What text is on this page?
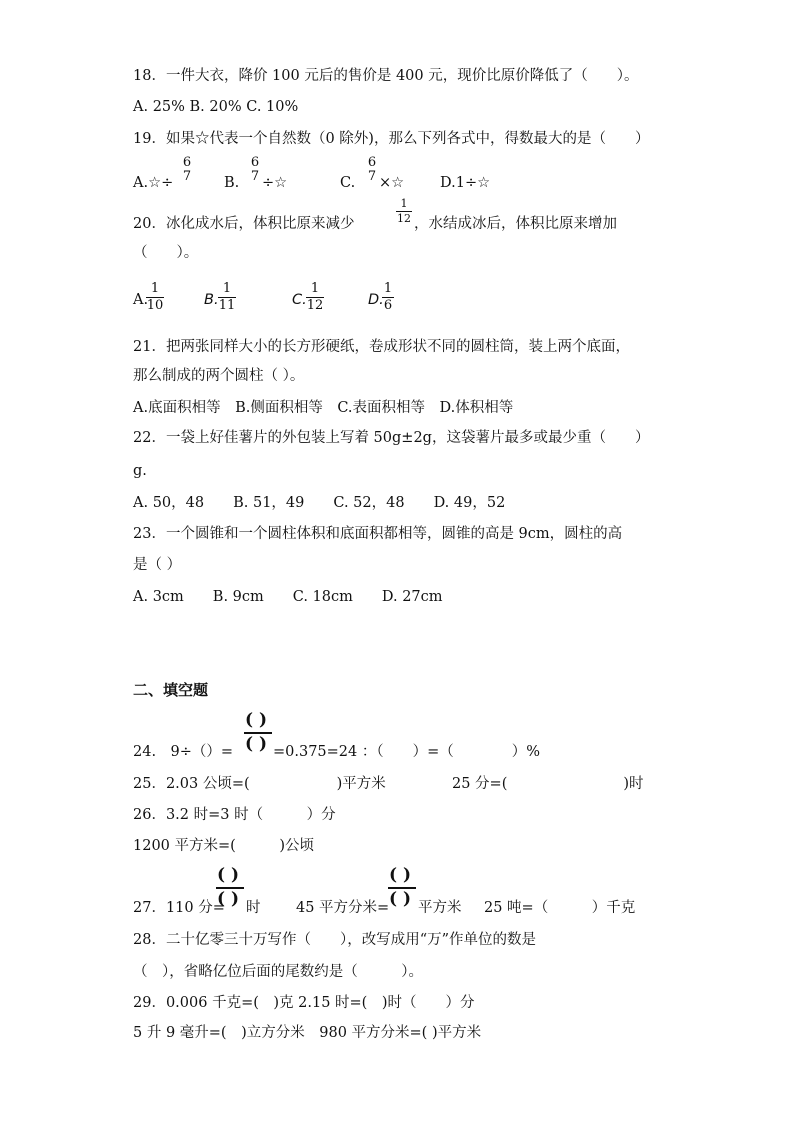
18．一件大衣，降价 100 元后的售价是 400 元，现价比原价降低了（　　）。
A. 25% B. 20% C. 10%
19．如果☆代表一个自然数（0 除外)，那么下列各式中，得数最大的是（　　）
A.☆÷
6
7 B.
6
7 ÷☆	C.
6
7 ×☆ D.1÷☆
20．冰化成水后，体积比原来减少
1
12 ，水结成冰后，体积比原来增加
（　　）。
A.
1
10	B.
1
11	C.
1
12	D.
1
6
21．把两张同样大小的长方形硬纸，卷成形状不同的圆柱筒，装上两个底面，
那么制成的两个圆柱（ ）。
A.底面积相等　B.侧面积相等　C.表面积相等　D.体积相等
22．一袋上好佳薯片的外包装上写着 50g±2g，这袋薯片最多或最少重（　　）
g.
A. 50，48　　B. 51，49　　C. 52，48　　D. 49，52
23．一个圆锥和一个圆柱体积和底面积都相等，圆锥的高是 9cm，圆柱的高
是（ ）
A. 3cm　　B. 9cm　　C. 18cm　　D. 27cm
二、填空题
( )
( )
24.　9÷（）=	=0.375=24 ：（　　）=（　　　　）%
25．2.03 公顷=(　　　　　　)平方米	25 分=(　　　　　　　　)时
26．3.2 时=3 时（　　　）分
1200 平方米=(　　　)公顷
27．110 分=
( )
( ) 时 45 平方分米=
( )
( ) 平方米 25 吨=（　　　）千克
28．二十亿零三十万写作（　　），改写成用“万”作单位的数是
（　），省略亿位后面的尾数约是（　　　）。
29．0.006 千克=(　)克 2.15 时=(　)时（　　）分
5 升 9 毫升=(　)立方分米　980 平方分米=( )平方米
